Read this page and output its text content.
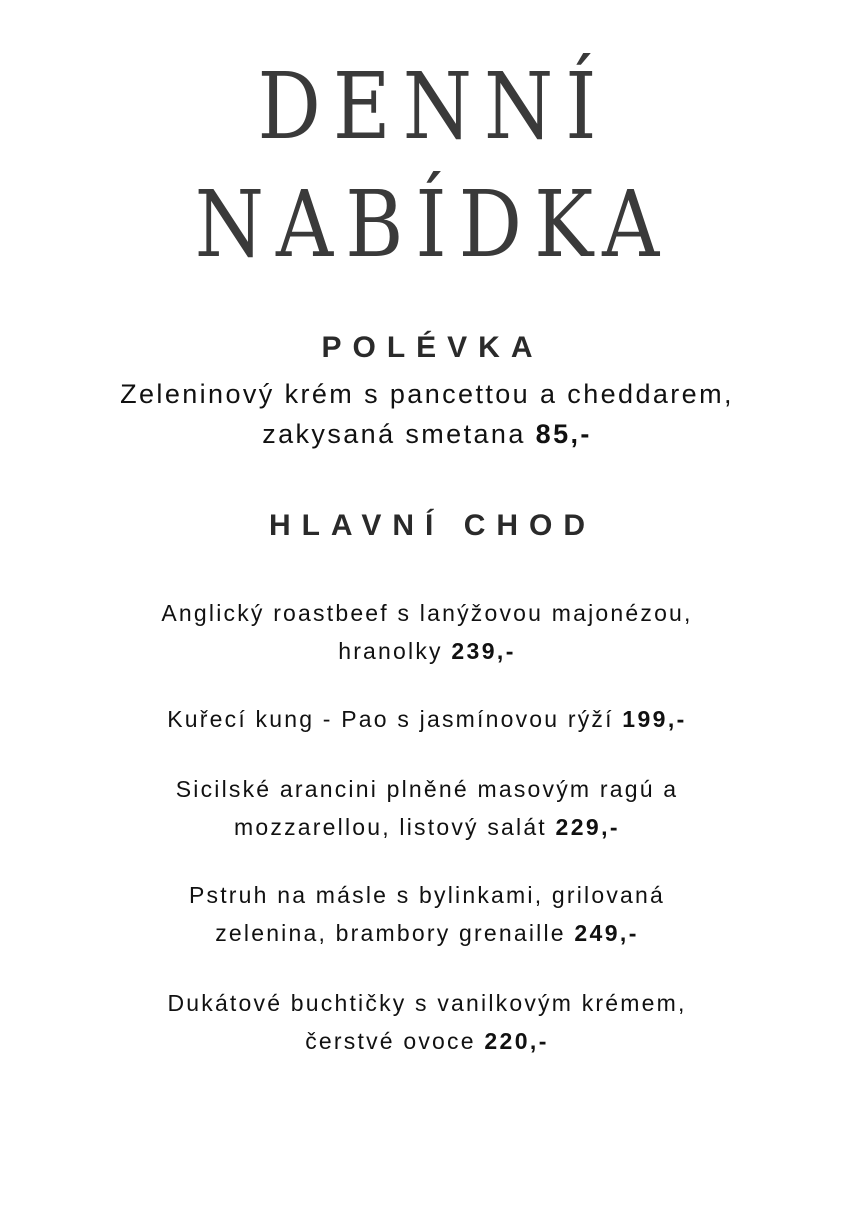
DENNÍ
NABÍDKA
POLÉVKA
Zeleninový krém s pancettou a cheddarem,
zakysaná smetana 85,-
HLAVNÍ CHOD
Anglický roastbeef s lanýžovou majonézou,
hranolky 239,-
Kuřecí kung - Pao s jasmínovou rýží 199,-
Sicilské arancini plněné masovým ragú a
mozzarellou, listový salát 229,-
Pstruh na másle s bylinkami, grilovaná
zelenina, brambory grenaille 249,-
Dukátové buchtičky s vanilkovým krémem,
čerstvé ovoce 220,-
